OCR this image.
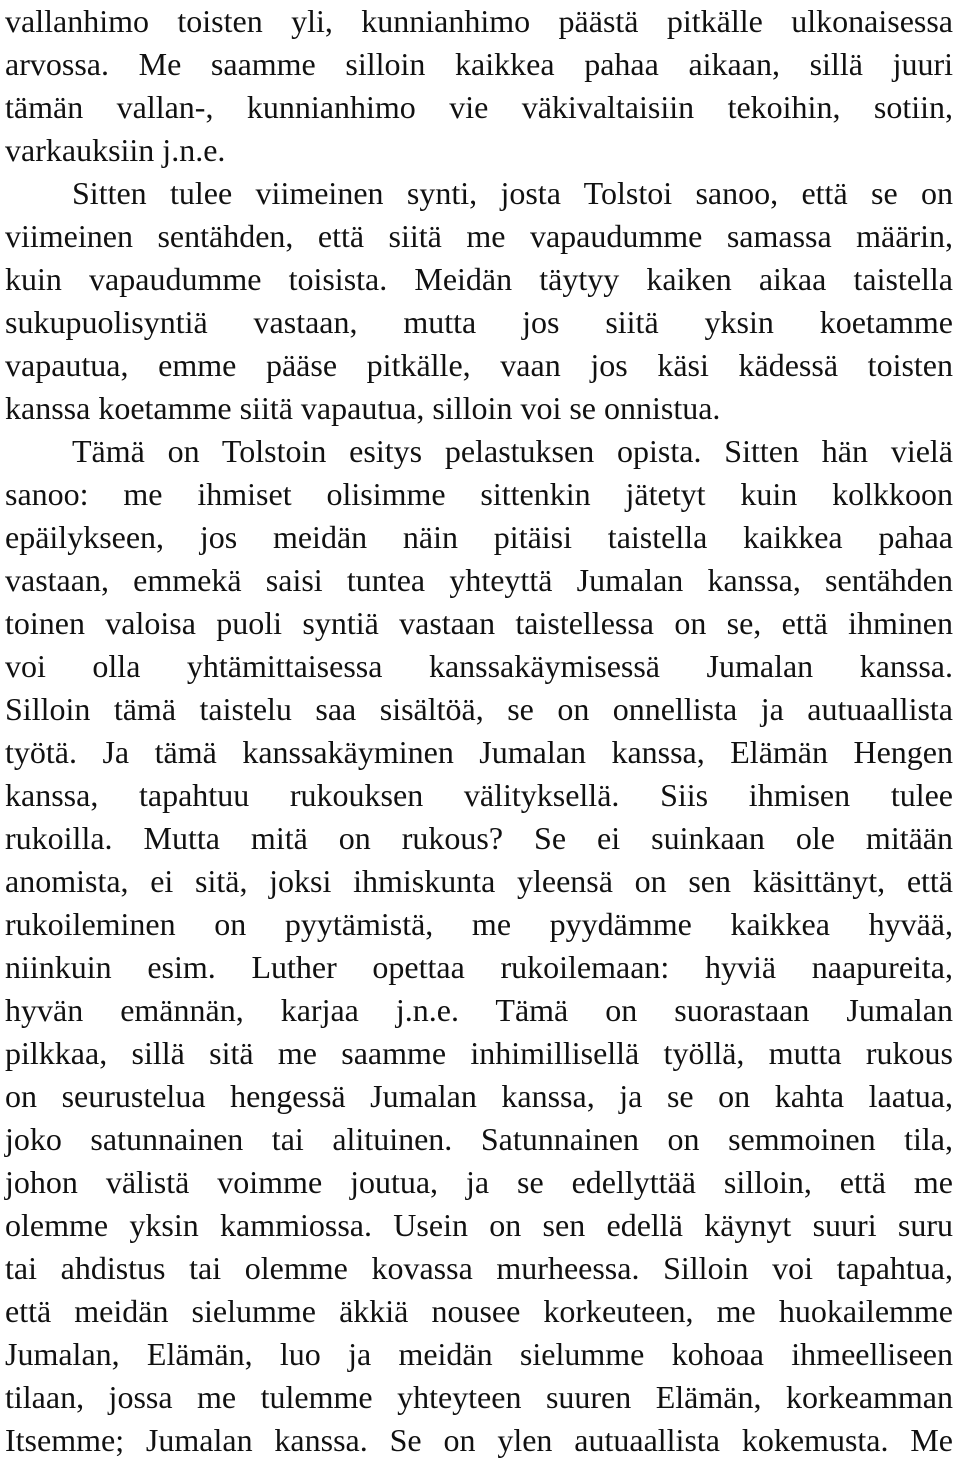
vallanhimo toisten yli, kunnianhimo päästä pitkälle ulkonaisessa
arvossa. Me saamme silloin kaikkea pahaa aikaan, sillä juuri
tämän vallan-, kunnianhimo vie väkivaltaisiin tekoihin, sotiin,
varkauksiin j.n.e.
Sitten tulee viimeinen synti, josta Tolstoi sanoo, että se on
viimeinen sentähden, että siitä me vapaudumme samassa määrin,
kuin vapaudumme toisista. Meidän täytyy kaiken aikaa taistella
sukupuolisyntiä vastaan, mutta jos siitä yksin koetamme
vapautua, emme pääse pitkälle, vaan jos käsi kädessä toisten
kanssa koetamme siitä vapautua, silloin voi se onnistua.
Tämä on Tolstoin esitys pelastuksen opista. Sitten hän vielä
sanoo: me ihmiset olisimme sittenkin jätetyt kuin kolkkoon
epäilykseen, jos meidän näin pitäisi taistella kaikkea pahaa
vastaan, emmekä saisi tuntea yhteyttä Jumalan kanssa, sentähden
toinen valoisa puoli syntiä vastaan taistellessa on se, että ihminen
voi olla yhtämittaisessa kanssakäymisessä Jumalan kanssa.
Silloin tämä taistelu saa sisältöä, se on onnellista ja autuaallista
työtä. Ja tämä kanssakäyminen Jumalan kanssa, Elämän Hengen
kanssa, tapahtuu rukouksen välityksellä. Siis ihmisen tulee
rukoilla. Mutta mitä on rukous? Se ei suinkaan ole mitään
anomista, ei sitä, joksi ihmiskunta yleensä on sen käsittänyt, että
rukoileminen on pyytämistä, me pyydämme kaikkea hyvää,
niinkuin esim. Luther opettaa rukoilemaan: hyviä naapureita,
hyvän emännän, karjaa j.n.e. Tämä on suorastaan Jumalan
pilkkaa, sillä sitä me saamme inhimillisellä työllä, mutta rukous
on seurustelua hengessä Jumalan kanssa, ja se on kahta laatua,
joko satunnainen tai alituinen. Satunnainen on semmoinen tila,
johon välistä voimme joutua, ja se edellyttää silloin, että me
olemme yksin kammiossa. Usein on sen edellä käynyt suuri suru
tai ahdistus tai olemme kovassa murheessa. Silloin voi tapahtua,
että meidän sielumme äkkiä nousee korkeuteen, me huokailemme
Jumalan, Elämän, luo ja meidän sielumme kohoaa ihmeelliseen
tilaan, jossa me tulemme yhteyteen suuren Elämän, korkeamman
Itsemme; Jumalan kanssa. Se on ylen autuaallista kokemusta. Me
